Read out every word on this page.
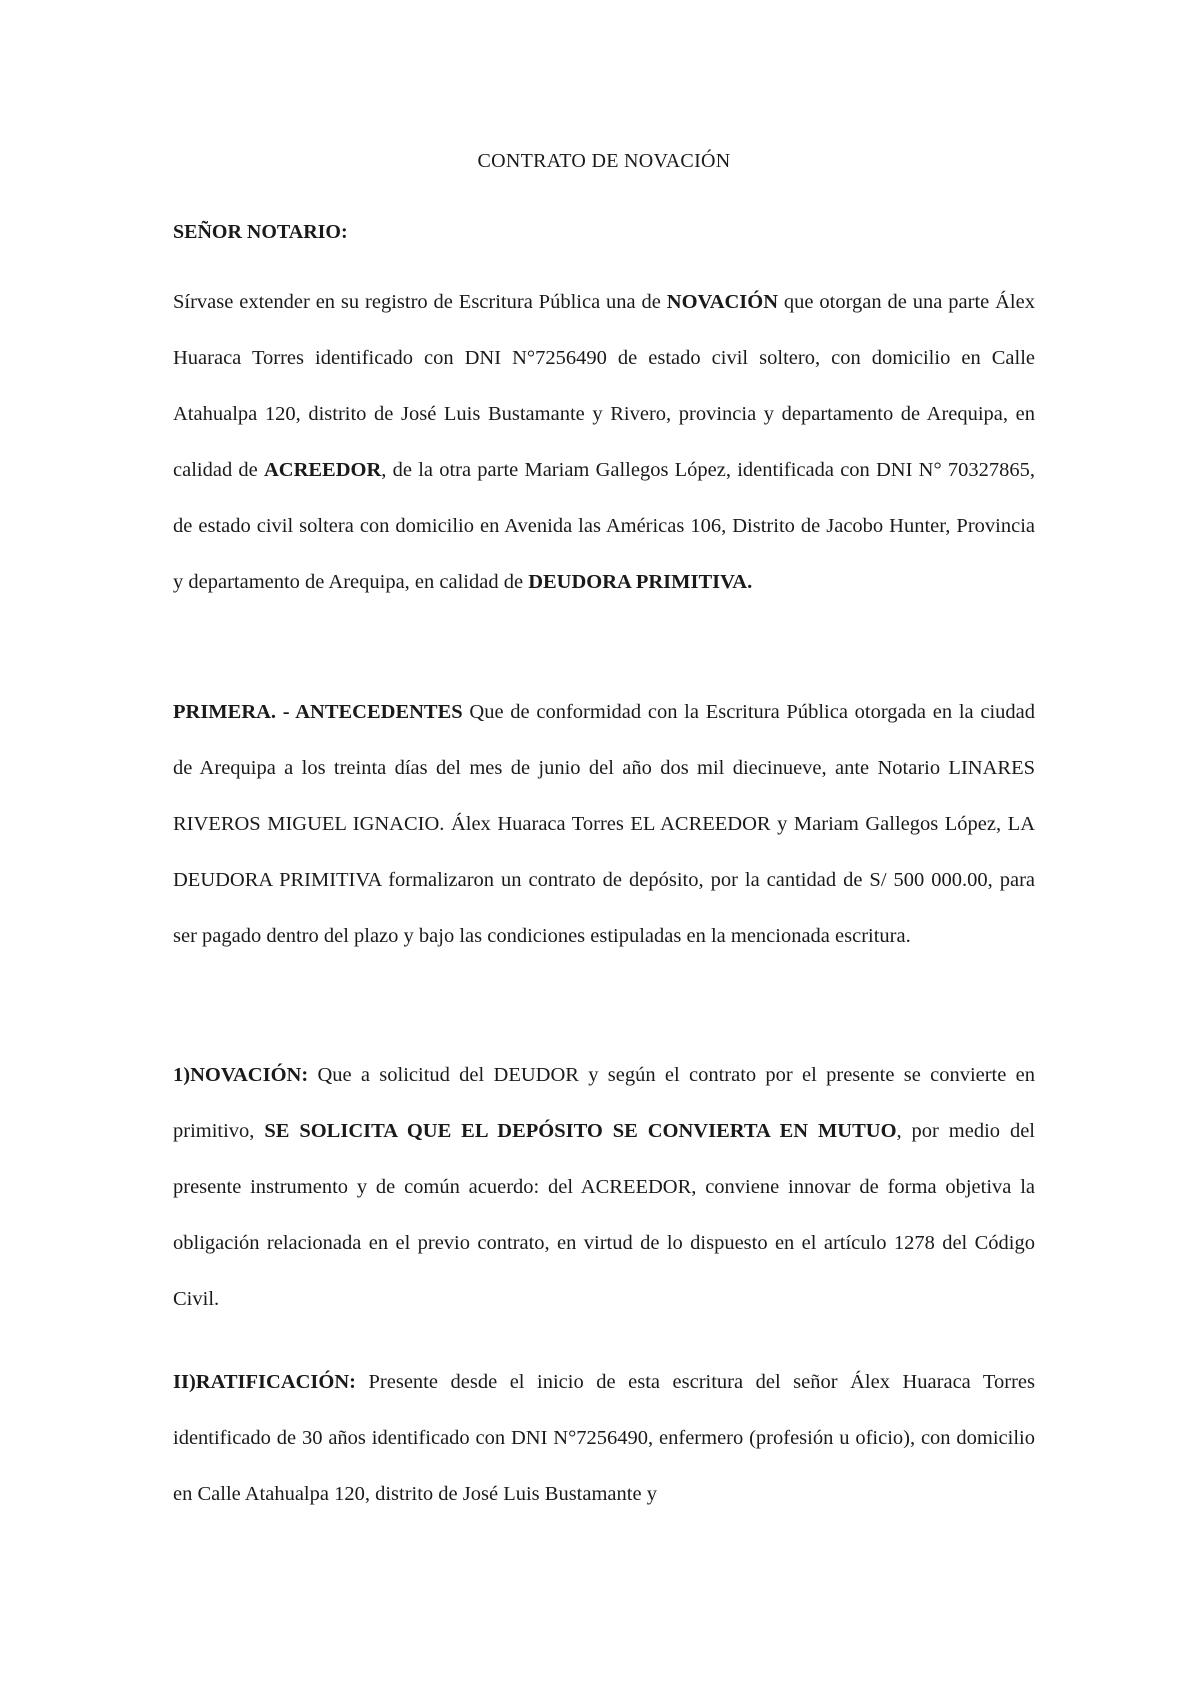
CONTRATO DE NOVACIÓN
SEÑOR NOTARIO:

Sírvase extender en su registro de Escritura Pública una de NOVACIÓN que otorgan de una parte Álex Huaraca Torres identificado con DNI N°7256490 de estado civil soltero, con domicilio en Calle Atahualpa 120, distrito de José Luis Bustamante y Rivero, provincia y departamento de Arequipa, en calidad de ACREEDOR, de la otra parte Mariam Gallegos López, identificada con DNI N° 70327865, de estado civil soltera con domicilio en Avenida las Américas 106, Distrito de Jacobo Hunter, Provincia y departamento de Arequipa, en calidad de DEUDORA PRIMITIVA.

PRIMERA. - ANTECEDENTES Que de conformidad con la Escritura Pública otorgada en la ciudad de Arequipa a los treinta días del mes de junio del año dos mil diecinueve, ante Notario LINARES RIVEROS MIGUEL IGNACIO. Álex Huaraca Torres EL ACREEDOR y Mariam Gallegos López, LA DEUDORA PRIMITIVA formalizaron un contrato de depósito, por la cantidad de S/ 500 000.00, para ser pagado dentro del plazo y bajo las condiciones estipuladas en la mencionada escritura.

1)NOVACIÓN: Que a solicitud del DEUDOR y según el contrato por el presente se convierte en primitivo, SE SOLICITA QUE EL DEPÓSITO SE CONVIERTA EN MUTUO, por medio del presente instrumento y de común acuerdo: del ACREEDOR, conviene innovar de forma objetiva la obligación relacionada en el previo contrato, en virtud de lo dispuesto en el artículo 1278 del Código Civil.

II)RATIFICACIÓN: Presente desde el inicio de esta escritura del señor Álex Huaraca Torres identificado de 30 años identificado con DNI N°7256490, enfermero (profesión u oficio), con domicilio en Calle Atahualpa 120, distrito de José Luis Bustamante y
